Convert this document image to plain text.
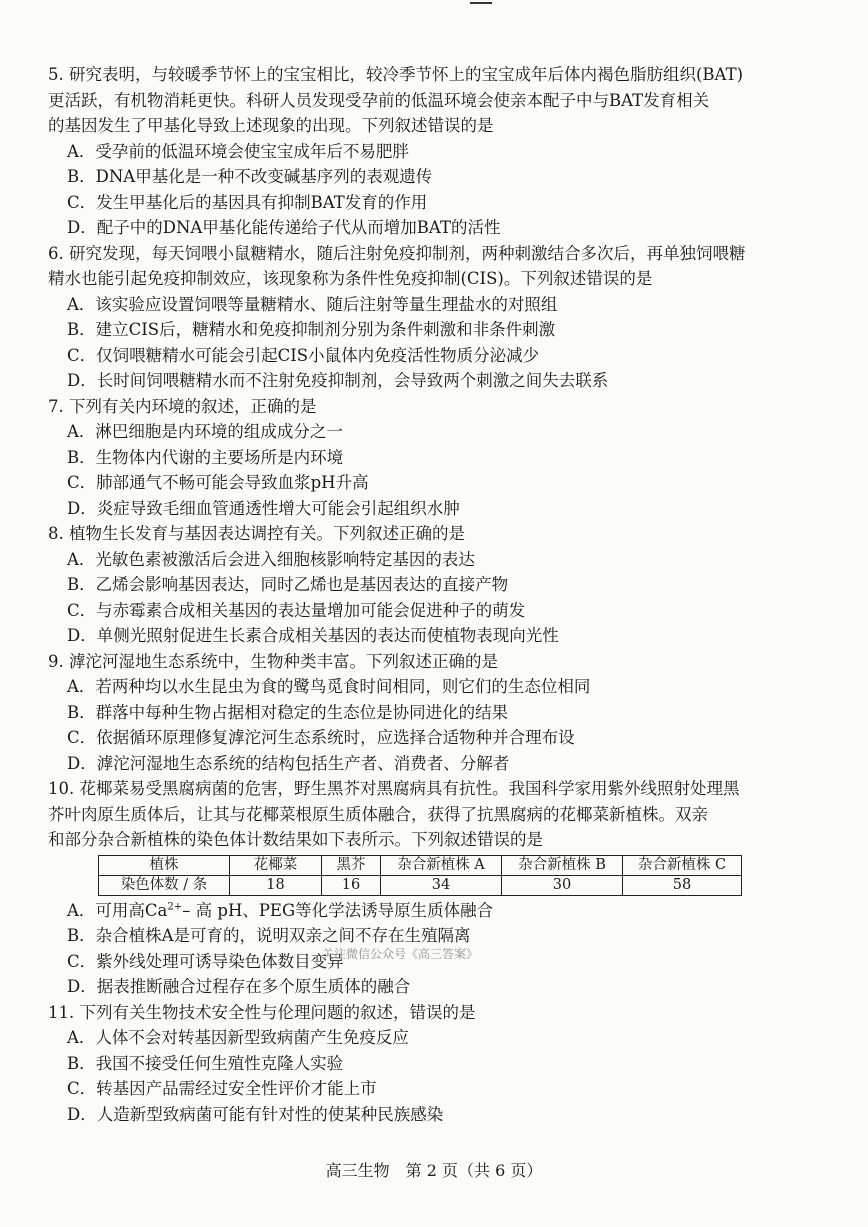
5. 研究表明，与较暖季节怀上的宝宝相比，较冷季节怀上的宝宝成年后体内褐色脂肪组织(BAT)
更活跃，有机物消耗更快。科研人员发现受孕前的低温环境会使亲本配子中与BAT发育相关
的基因发生了甲基化导致上述现象的出现。下列叙述错误的是
A．受孕前的低温环境会使宝宝成年后不易肥胖
B．DNA甲基化是一种不改变碱基序列的表观遗传
C．发生甲基化后的基因具有抑制BAT发育的作用
D．配子中的DNA甲基化能传递给子代从而增加BAT的活性
6. 研究发现，每天饲喂小鼠糖精水，随后注射免疫抑制剂，两种刺激结合多次后，再单独饲喂糖
精水也能引起免疫抑制效应，该现象称为条件性免疫抑制(CIS)。下列叙述错误的是
A．该实验应设置饲喂等量糖精水、随后注射等量生理盐水的对照组
B．建立CIS后，糖精水和免疫抑制剂分别为条件刺激和非条件刺激
C．仅饲喂糖精水可能会引起CIS小鼠体内免疫活性物质分泌减少
D．长时间饲喂糖精水而不注射免疫抑制剂，会导致两个刺激之间失去联系
7. 下列有关内环境的叙述，正确的是
A．淋巴细胞是内环境的组成成分之一
B．生物体内代谢的主要场所是内环境
C．肺部通气不畅可能会导致血浆pH升高
D．炎症导致毛细血管通透性增大可能会引起组织水肿
8. 植物生长发育与基因表达调控有关。下列叙述正确的是
A．光敏色素被激活后会进入细胞核影响特定基因的表达
B．乙烯会影响基因表达，同时乙烯也是基因表达的直接产物
C．与赤霉素合成相关基因的表达量增加可能会促进种子的萌发
D．单侧光照射促进生长素合成相关基因的表达而使植物表现向光性
9. 滹沱河湿地生态系统中，生物种类丰富。下列叙述正确的是
A．若两种均以水生昆虫为食的鹭鸟觅食时间相同，则它们的生态位相同
B．群落中每种生物占据相对稳定的生态位是协同进化的结果
C．依据循环原理修复滹沱河生态系统时，应选择合适物种并合理布设
D．滹沱河湿地生态系统的结构包括生产者、消费者、分解者
10. 花椰菜易受黑腐病菌的危害，野生黑芥对黑腐病具有抗性。我国科学家用紫外线照射处理黑
芥叶肉原生质体后，让其与花椰菜根原生质体融合，获得了抗黑腐病的花椰菜新植株。双亲
和部分杂合新植株的染色体计数结果如下表所示。下列叙述错误的是
植株	花椰菜	黑芥	杂合新植株 A	杂合新植株 B	杂合新植株 C
染色体数 / 条	18	16	34	30	58
A．可用高$Ca^{2+}-$ 高 pH、PEG等化学法诱导原生质体融合
B．杂合植株A是可育的，说明双亲之间不存在生殖隔离
C．紫外线处理可诱导染色体数目变异
D．据表推断融合过程存在多个原生质体的融合
11. 下列有关生物技术安全性与伦理问题的叙述，错误的是
A．人体不会对转基因新型致病菌产生免疫反应
B．我国不接受任何生殖性克隆人实验
C．转基因产品需经过安全性评价才能上市
D．人造新型致病菌可能有针对性的使某种民族感染
关注微信公众号《高三答案》
高三生物　第 2 页（共 6 页）
